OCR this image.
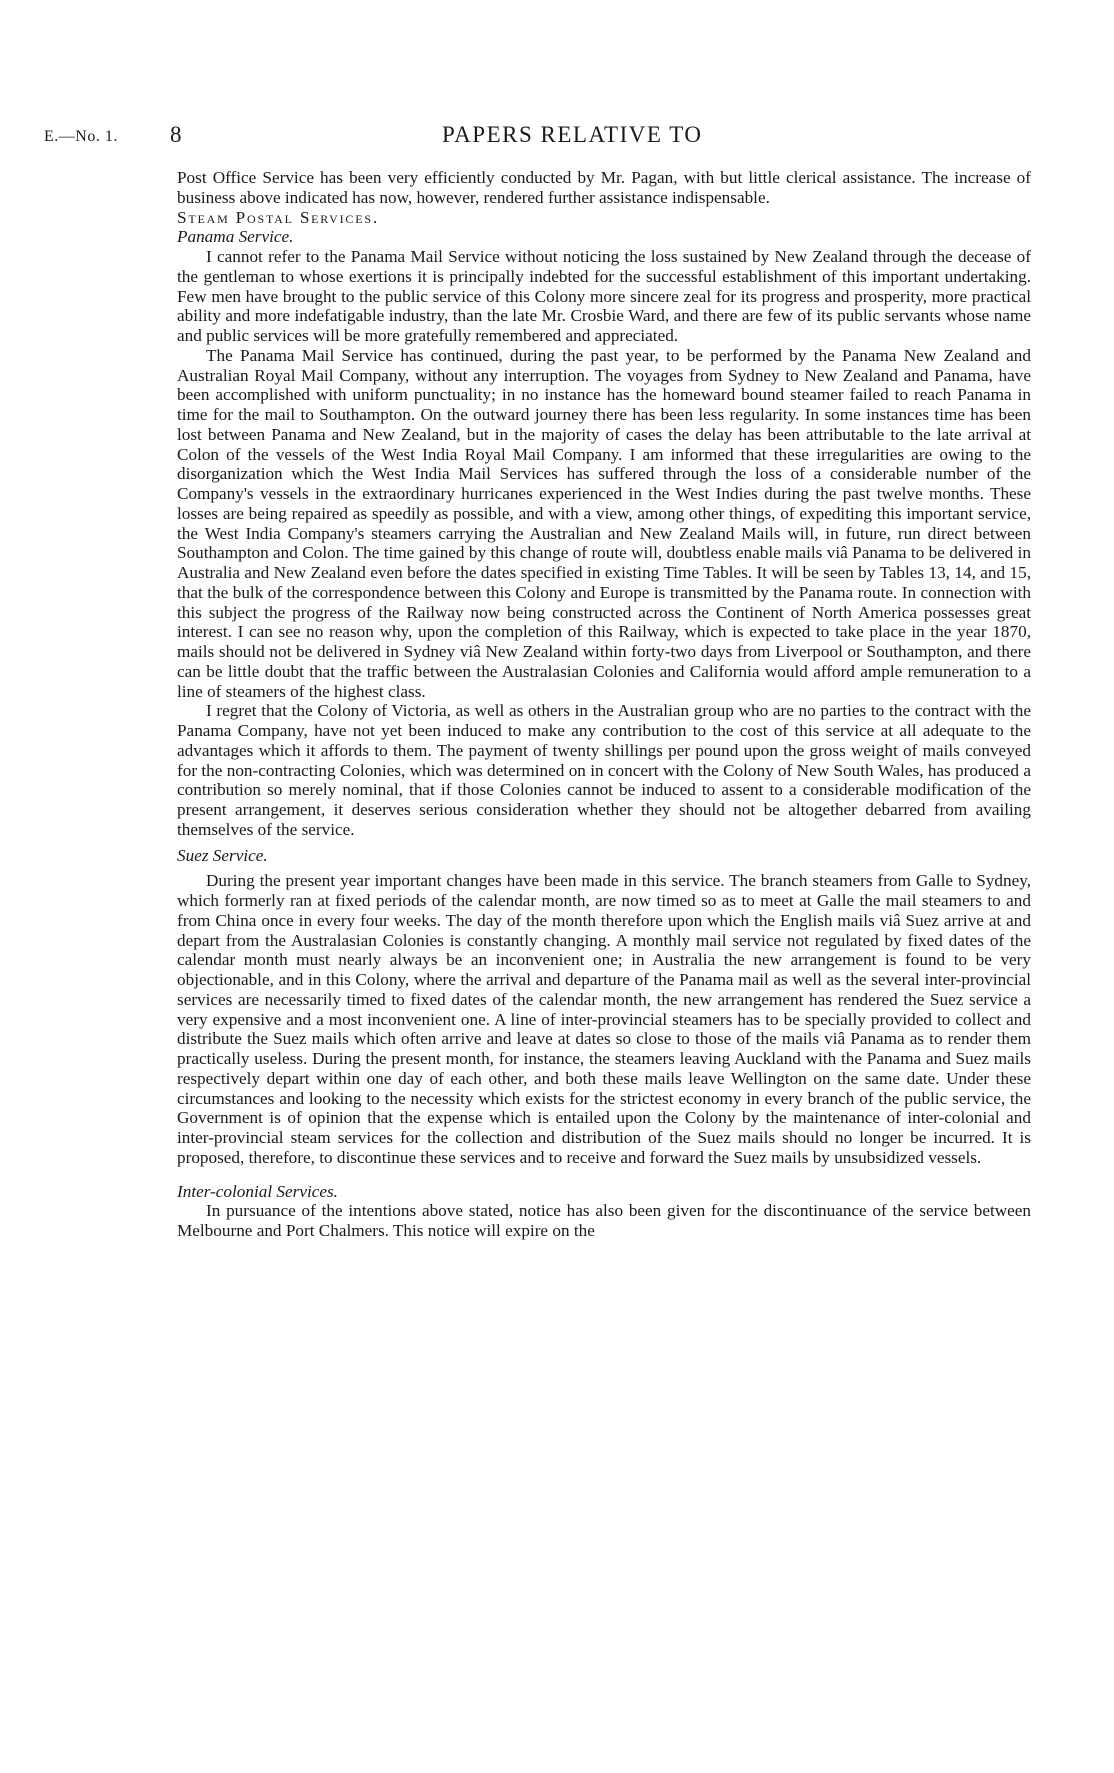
E.—No. 1. 8	PAPERS RELATIVE TO

Post Office Service has been very efficiently conducted by Mr. Pagan, with but little clerical assistance. The increase of business above indicated has now, however, rendered further assistance indispensable.

Steam Postal Services.

Panama Service.

I cannot refer to the Panama Mail Service without noticing the loss sustained by New Zealand through the decease of the gentleman to whose exertions it is principally indebted for the successful establishment of this important undertaking. Few men have brought to the public service of this Colony more sincere zeal for its progress and prosperity, more practical ability and more indefatigable industry, than the late Mr. Crosbie Ward, and there are few of its public servants whose name and public services will be more gratefully remembered and appreciated.

The Panama Mail Service has continued, during the past year, to be performed by the Panama New Zealand and Australian Royal Mail Company, without any interruption. The voyages from Sydney to New Zealand and Panama, have been accomplished with uniform punctuality; in no instance has the homeward bound steamer failed to reach Panama in time for the mail to Southampton. On the outward journey there has been less regularity. In some instances time has been lost between Panama and New Zealand, but in the majority of cases the delay has been attributable to the late arrival at Colon of the vessels of the West India Royal Mail Company. I am informed that these irregularities are owing to the disorganization which the West India Mail Services has suffered through the loss of a considerable number of the Company's vessels in the extraordinary hurricanes experienced in the West Indies during the past twelve months. These losses are being repaired as speedily as possible, and with a view, among other things, of expediting this important service, the West India Company's steamers carrying the Australian and New Zealand Mails will, in future, run direct between Southampton and Colon. The time gained by this change of route will, doubtless enable mails viâ Panama to be delivered in Australia and New Zealand even before the dates specified in existing Time Tables. It will be seen by Tables 13, 14, and 15, that the bulk of the correspondence between this Colony and Europe is transmitted by the Panama route. In connection with this subject the progress of the Railway now being constructed across the Continent of North America possesses great interest. I can see no reason why, upon the completion of this Railway, which is expected to take place in the year 1870, mails should not be delivered in Sydney viâ New Zealand within forty-two days from Liverpool or Southampton, and there can be little doubt that the traffic between the Australasian Colonies and California would afford ample remuneration to a line of steamers of the highest class.

I regret that the Colony of Victoria, as well as others in the Australian group who are no parties to the contract with the Panama Company, have not yet been induced to make any contribution to the cost of this service at all adequate to the advantages which it affords to them. The payment of twenty shillings per pound upon the gross weight of mails conveyed for the non-contracting Colonies, which was determined on in concert with the Colony of New South Wales, has produced a contribution so merely nominal, that if those Colonies cannot be induced to assent to a considerable modification of the present arrangement, it deserves serious consideration whether they should not be altogether debarred from availing themselves of the service.

Suez Service.

During the present year important changes have been made in this service. The branch steamers from Galle to Sydney, which formerly ran at fixed periods of the calendar month, are now timed so as to meet at Galle the mail steamers to and from China once in every four weeks. The day of the month therefore upon which the English mails viâ Suez arrive at and depart from the Australasian Colonies is constantly changing. A monthly mail service not regulated by fixed dates of the calendar month must nearly always be an inconvenient one; in Australia the new arrangement is found to be very objectionable, and in this Colony, where the arrival and departure of the Panama mail as well as the several inter-provincial services are necessarily timed to fixed dates of the calendar month, the new arrangement has rendered the Suez service a very expensive and a most inconvenient one. A line of inter-provincial steamers has to be specially provided to collect and distribute the Suez mails which often arrive and leave at dates so close to those of the mails viâ Panama as to render them practically useless. During the present month, for instance, the steamers leaving Auckland with the Panama and Suez mails respectively depart within one day of each other, and both these mails leave Wellington on the same date. Under these circumstances and looking to the necessity which exists for the strictest economy in every branch of the public service, the Government is of opinion that the expense which is entailed upon the Colony by the maintenance of inter-colonial and inter-provincial steam services for the collection and distribution of the Suez mails should no longer be incurred. It is proposed, therefore, to discontinue these services and to receive and forward the Suez mails by unsubsidized vessels.

Inter-colonial Services.

In pursuance of the intentions above stated, notice has also been given for the discontinuance of the service between Melbourne and Port Chalmers. This notice will expire on the
